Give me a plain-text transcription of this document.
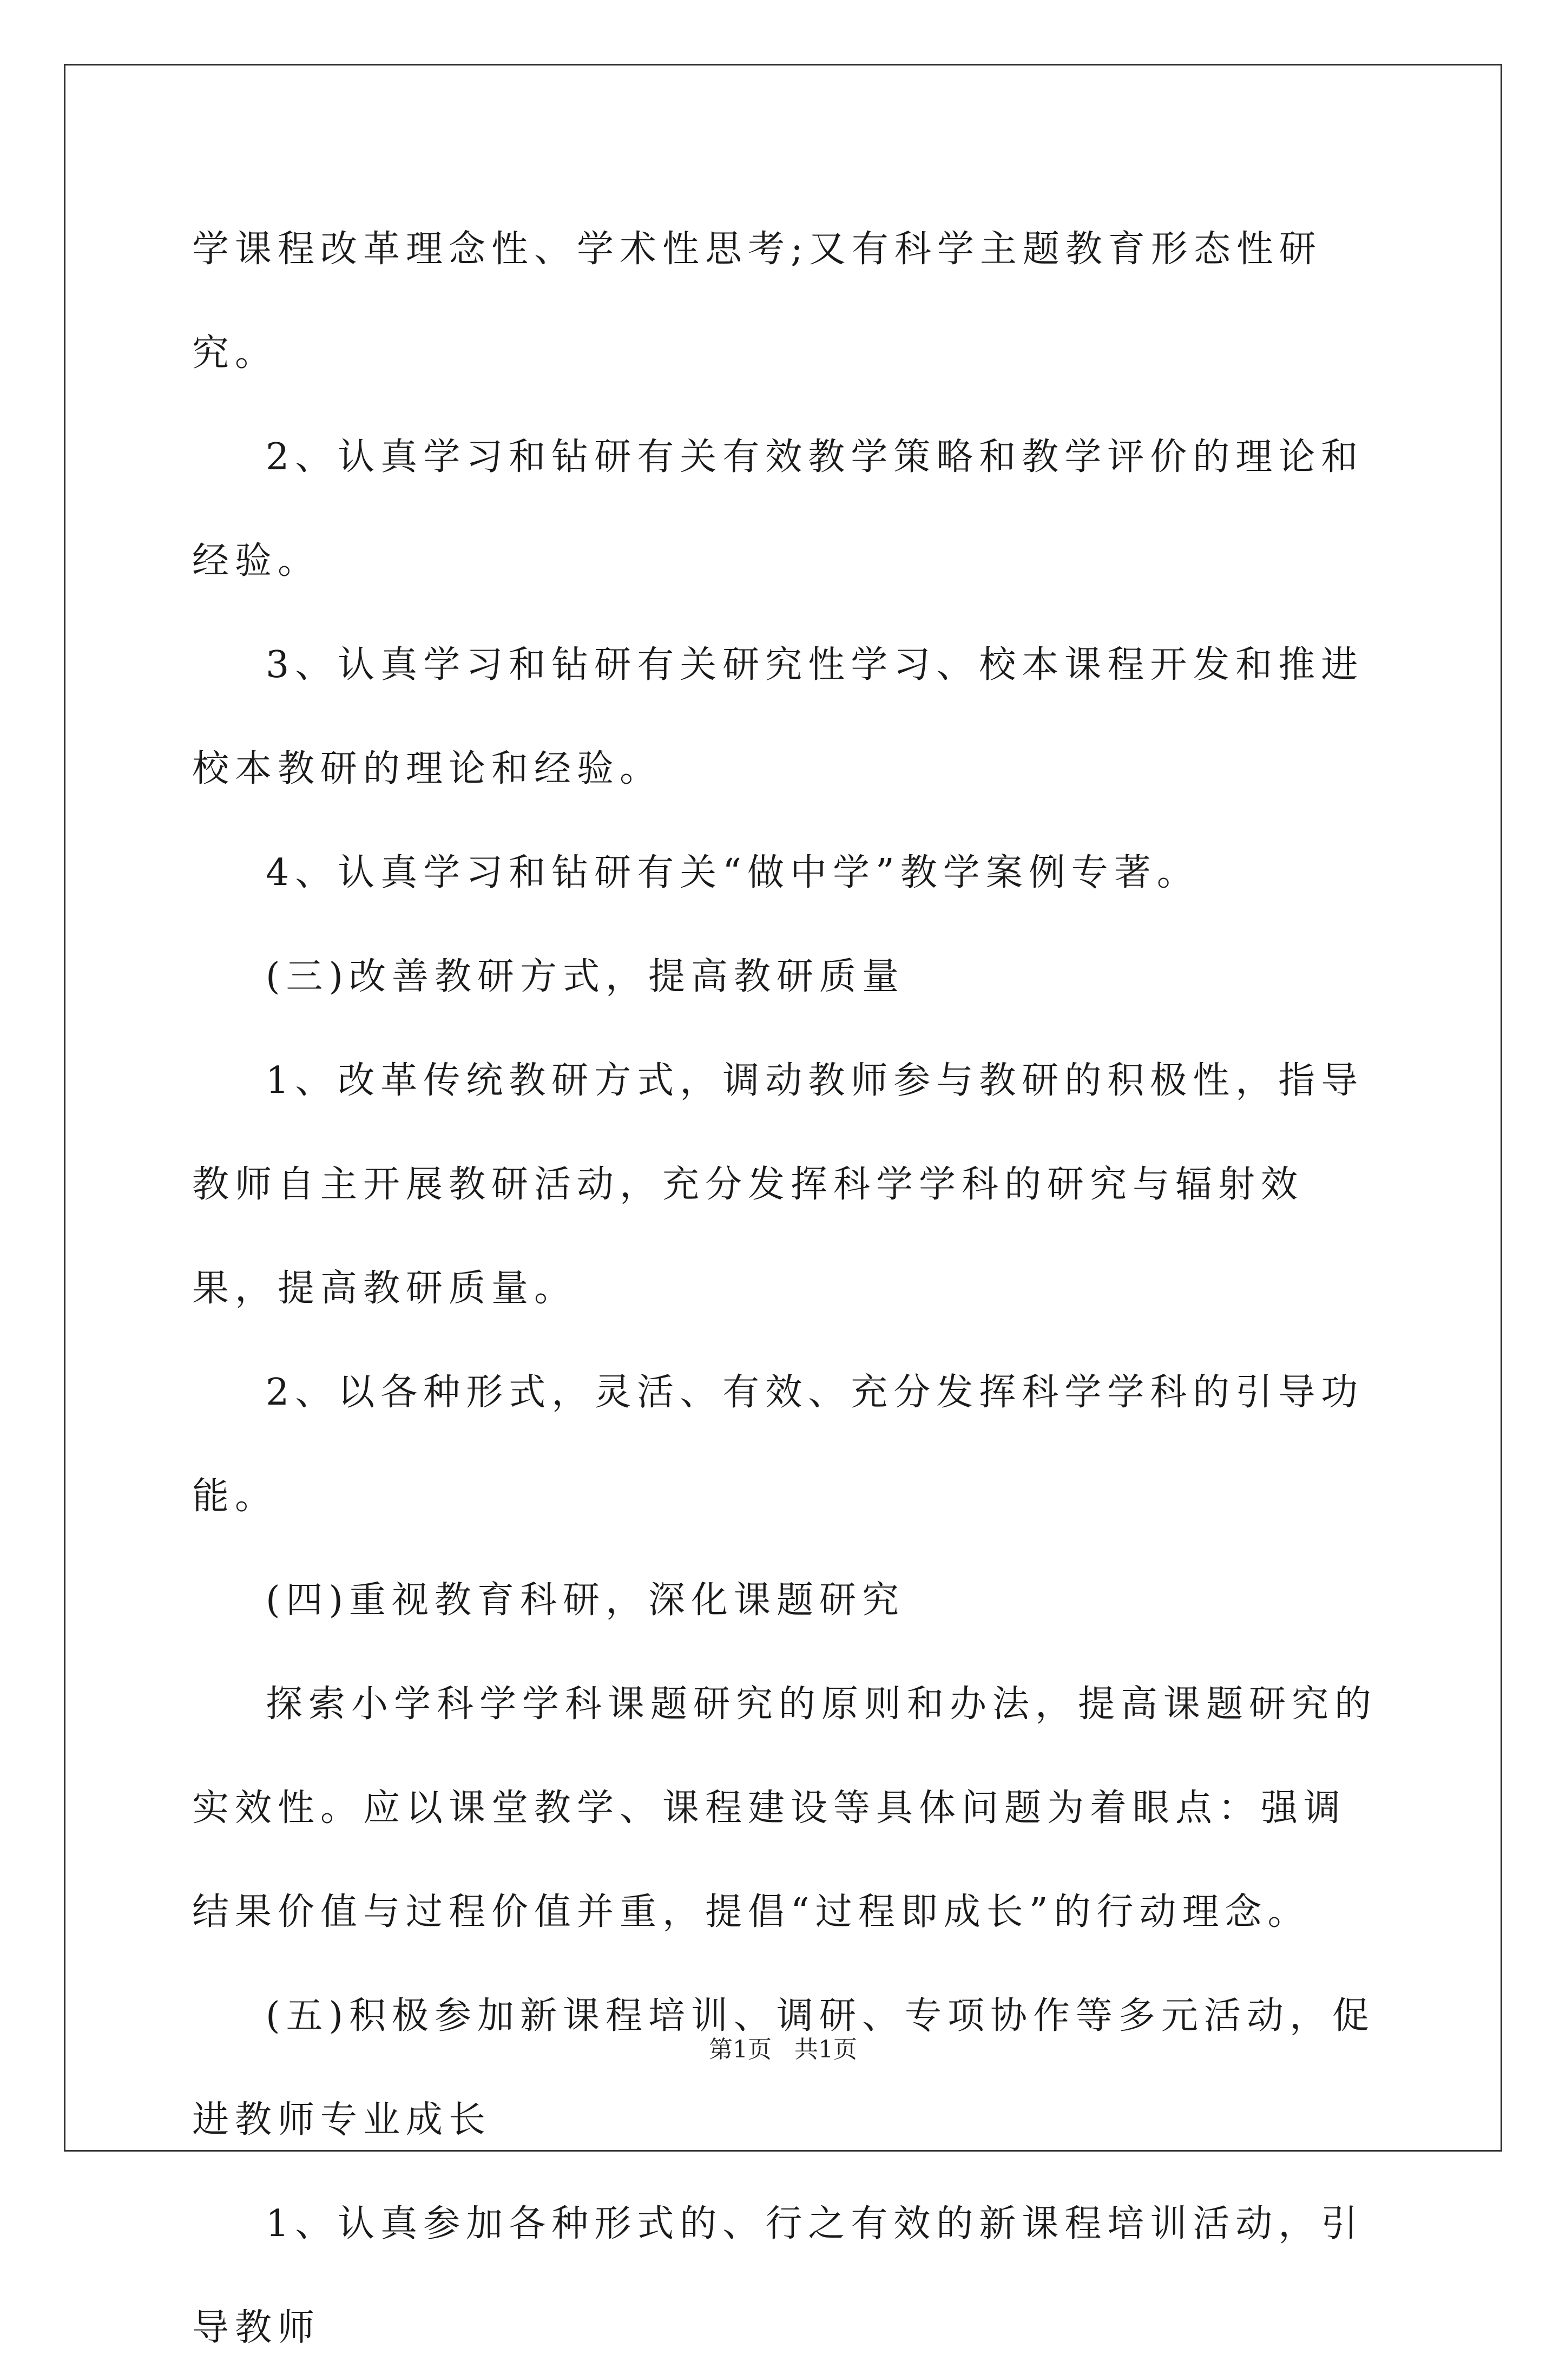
学课程改革理念性、学术性思考;又有科学主题教育形态性研究。

2、认真学习和钻研有关有效教学策略和教学评价的理论和经验。

3、认真学习和钻研有关研究性学习、校本课程开发和推进校本教研的理论和经验。

4、认真学习和钻研有关“做中学”教学案例专著。

(三)改善教研方式，提高教研质量

1、改革传统教研方式，调动教师参与教研的积极性，指导教师自主开展教研活动，充分发挥科学学科的研究与辐射效果，提高教研质量。

2、以各种形式，灵活、有效、充分发挥科学学科的引导功能。

(四)重视教育科研，深化课题研究

探索小学科学学科课题研究的原则和办法，提高课题研究的实效性。应以课堂教学、课程建设等具体问题为着眼点：强调结果价值与过程价值并重，提倡“过程即成长”的行动理念。

(五)积极参加新课程培训、调研、专项协作等多元活动，促进教师专业成长

1、认真参加各种形式的、行之有效的新课程培训活动，引导教师

第1页 共1页
